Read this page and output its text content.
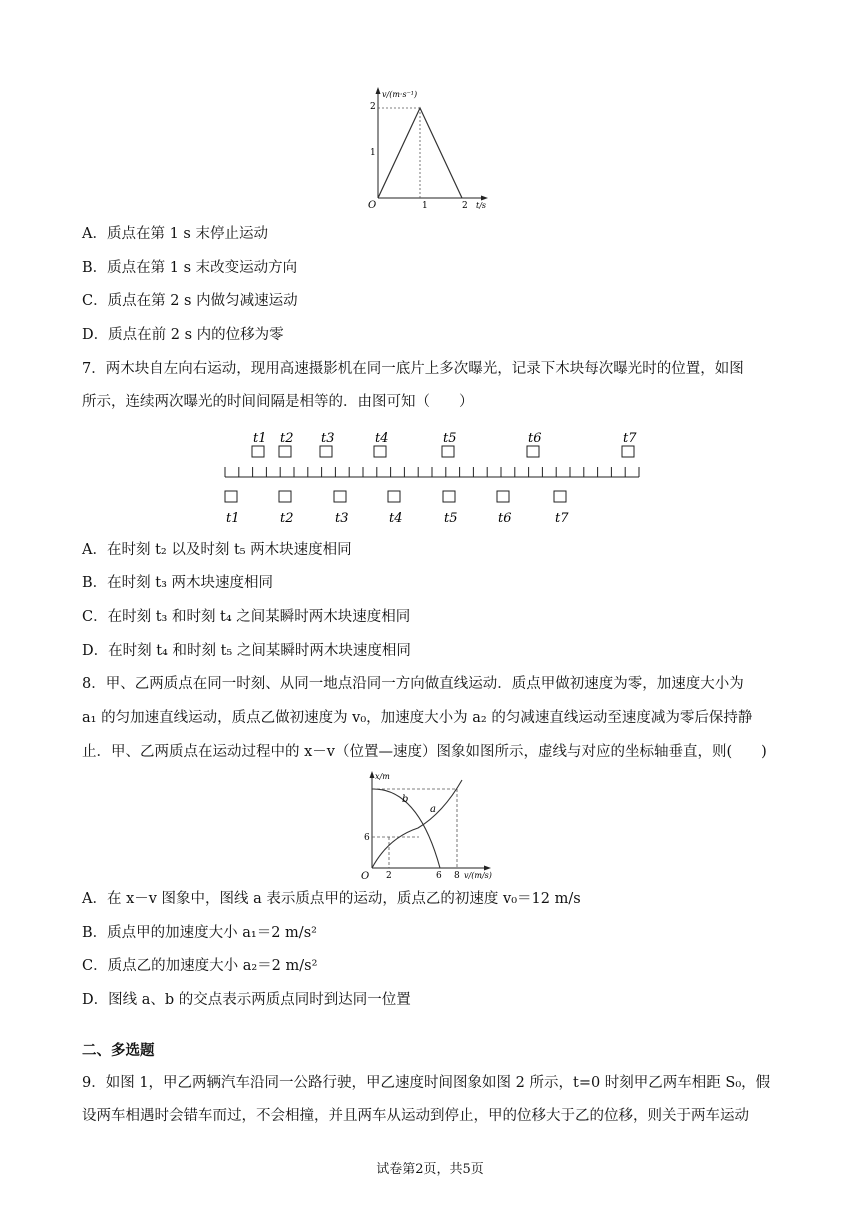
v/(m·s⁻¹)
t/s
O
1
2
1	2
A．质点在第 1 s 末停止运动
B．质点在第 1 s 末改变运动方向
C．质点在第 2 s 内做匀减速运动
D．质点在前 2 s 内的位移为零
7．两木块自左向右运动，现用高速摄影机在同一底片上多次曝光，记录下木块每次曝光时的位置，如图
所示，连续两次曝光的时间间隔是相等的．由图可知（　　）
t1 t2 t3	t4	t5	t6	t7
t1	t2	t3	t4	t5	t6	t7
A．在时刻 t₂ 以及时刻 t₅ 两木块速度相同
B．在时刻 t₃ 两木块速度相同
C．在时刻 t₃ 和时刻 t₄ 之间某瞬时两木块速度相同
D．在时刻 t₄ 和时刻 t₅ 之间某瞬时两木块速度相同
8．甲、乙两质点在同一时刻、从同一地点沿同一方向做直线运动．质点甲做初速度为零，加速度大小为
a₁ 的匀加速直线运动，质点乙做初速度为 v₀，加速度大小为 a₂ 的匀减速直线运动至速度减为零后保持静
止．甲、乙两质点在运动过程中的 x－v（位置—速度）图象如图所示，虚线与对应的坐标轴垂直，则(　　)
b
a
x/m
v/(m/s)
O
6
2	6 8
A．在 x－v 图象中，图线 a 表示质点甲的运动，质点乙的初速度 v₀＝12 m/s
B．质点甲的加速度大小 a₁＝2 m/s²
C．质点乙的加速度大小 a₂＝2 m/s²
D．图线 a、b 的交点表示两质点同时到达同一位置
二、多选题
9．如图 1，甲乙两辆汽车沿同一公路行驶，甲乙速度时间图象如图 2 所示，t=0 时刻甲乙两车相距 S₀，假
设两车相遇时会错车而过，不会相撞，并且两车从运动到停止，甲的位移大于乙的位移，则关于两车运动
试卷第2页，共5页
